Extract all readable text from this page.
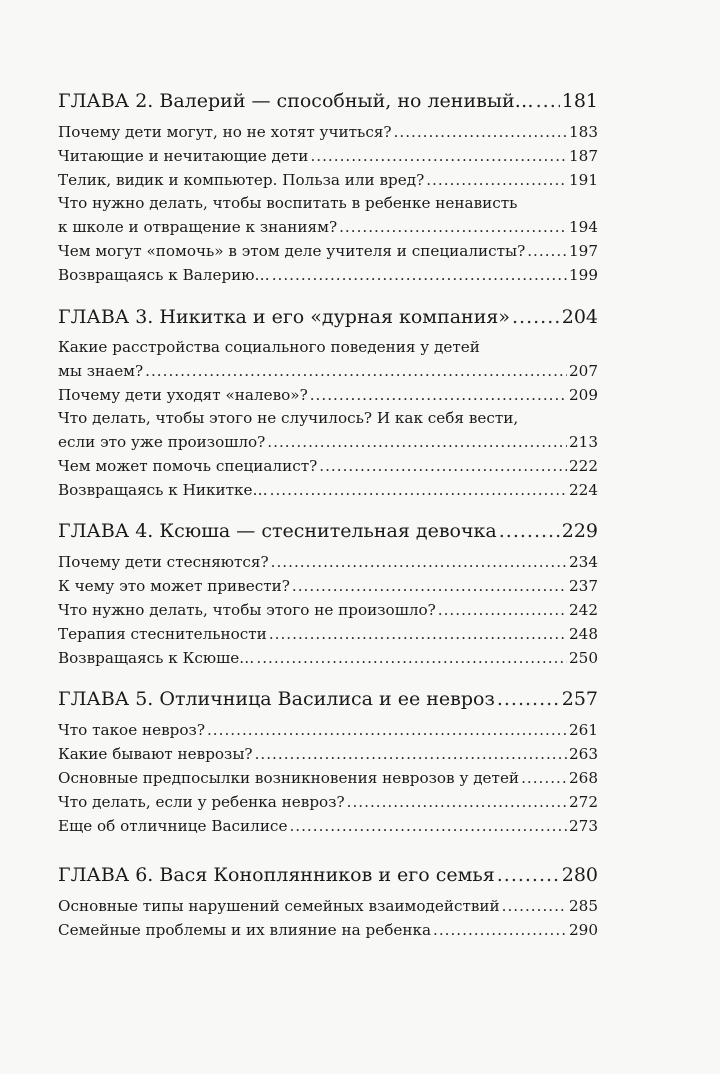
ГЛАВА 2. Валерий — способный, но ленивый… ..... 181
Почему дети могут, но не хотят учиться? .....	183
Читающие и нечитающие дети .....	187
Телик, видик и компьютер. Польза или вред? .....	191
Что нужно делать, чтобы воспитать в ребенке ненависть
к школе и отвращение к знаниям? .....	194
Чем могут «помочь» в этом деле учителя и специалисты? .....	197
Возвращаясь к Валерию… .....	199
ГЛАВА 3. Никитка и его «дурная компания» .....	204
Какие расстройства социального поведения у детей
мы знаем? .....	207
Почему дети уходят «налево»? .....	209
Что делать, чтобы этого не случилось? И как себя вести,
если это уже произошло? .....	213
Чем может помочь специалист? .....	222
Возвращаясь к Никитке… .....	224
ГЛАВА 4. Ксюша — стеснительная девочка .....	229
Почему дети стесняются? .....	234
К чему это может привести? .....	237
Что нужно делать, чтобы этого не произошло? .....	242
Терапия стеснительности .....	248
Возвращаясь к Ксюше… .....	250
ГЛАВА 5. Отличница Василиса и ее невроз .....	257
Что такое невроз? .....	261
Какие бывают неврозы? .....	263
Основные предпосылки возникновения неврозов у детей .....	268
Что делать, если у ребенка невроз? .....	272
Еще об отличнице Василисе .....	273
ГЛАВА 6. Вася Коноплянников и его семья .....	280
Основные типы нарушений семейных взаимодействий .....	285
Семейные проблемы и их влияние на ребенка .....	290
